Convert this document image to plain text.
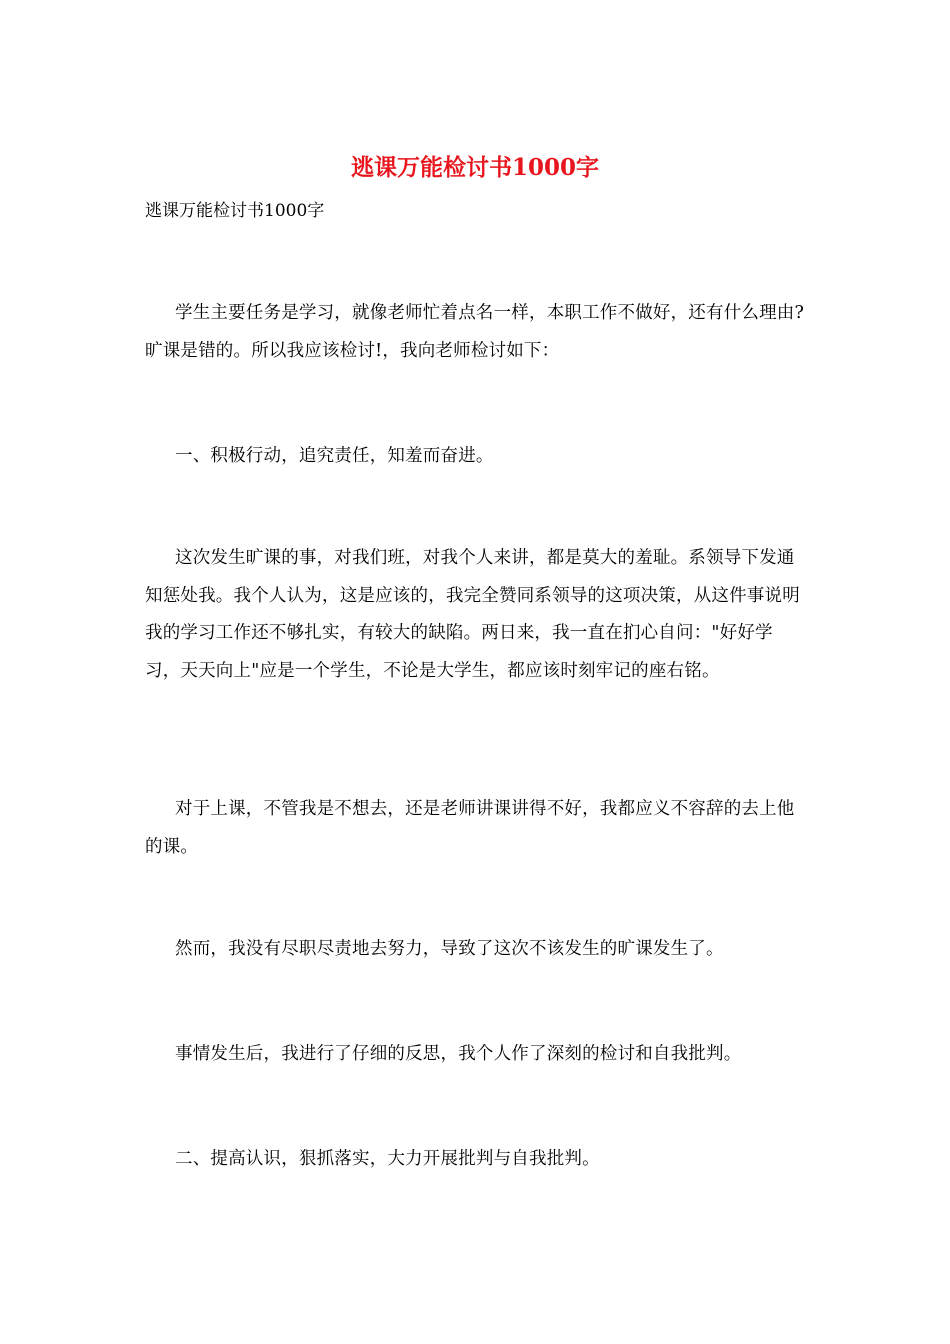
逃课万能检讨书1000字
逃课万能检讨书1000字

学生主要任务是学习，就像老师忙着点名一样，本职工作不做好，还有什么理由?旷课是错的。所以我应该检讨!，我向老师检讨如下：

一、积极行动，追究责任，知羞而奋进。

这次发生旷课的事，对我们班，对我个人来讲，都是莫大的羞耻。系领导下发通知惩处我。我个人认为，这是应该的，我完全赞同系领导的这项决策，从这件事说明我的学习工作还不够扎实，有较大的缺陷。两日来，我一直在扪心自问："好好学习，天天向上"应是一个学生，不论是大学生，都应该时刻牢记的座右铭。

对于上课，不管我是不想去，还是老师讲课讲得不好，我都应义不容辞的去上他的课。

然而，我没有尽职尽责地去努力，导致了这次不该发生的旷课发生了。

事情发生后，我进行了仔细的反思，我个人作了深刻的检讨和自我批判。

二、提高认识，狠抓落实，大力开展批判与自我批判。
